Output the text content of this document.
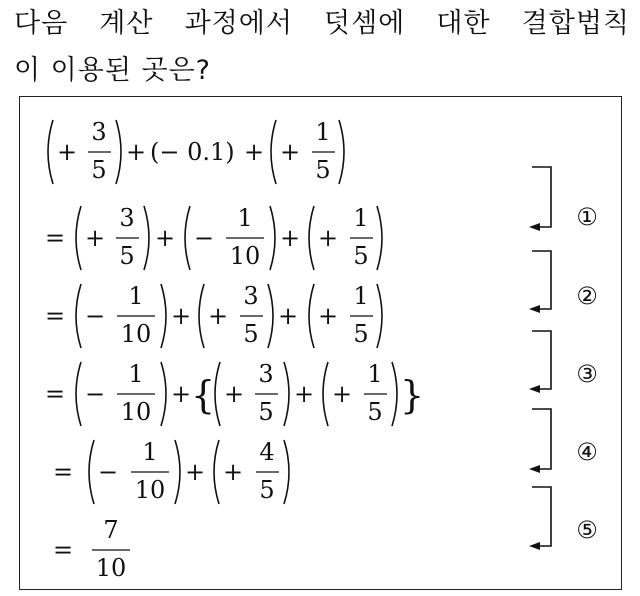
다음 계산 과정에서 덧셈에 대한 결합법칙
이 이용된 곳은?
+
3
5
+ (− 0.1) + +
1
5
= +
3
5
+ −
1
10
+ +
1
5
= −
1
10
+ +
3
5
+ +
1
5
= −
1
10
+ { +
3
5
+ +
1
5 }
= −
1
10
+ +
4
5
=
7
10
①
②
③
④
⑤
